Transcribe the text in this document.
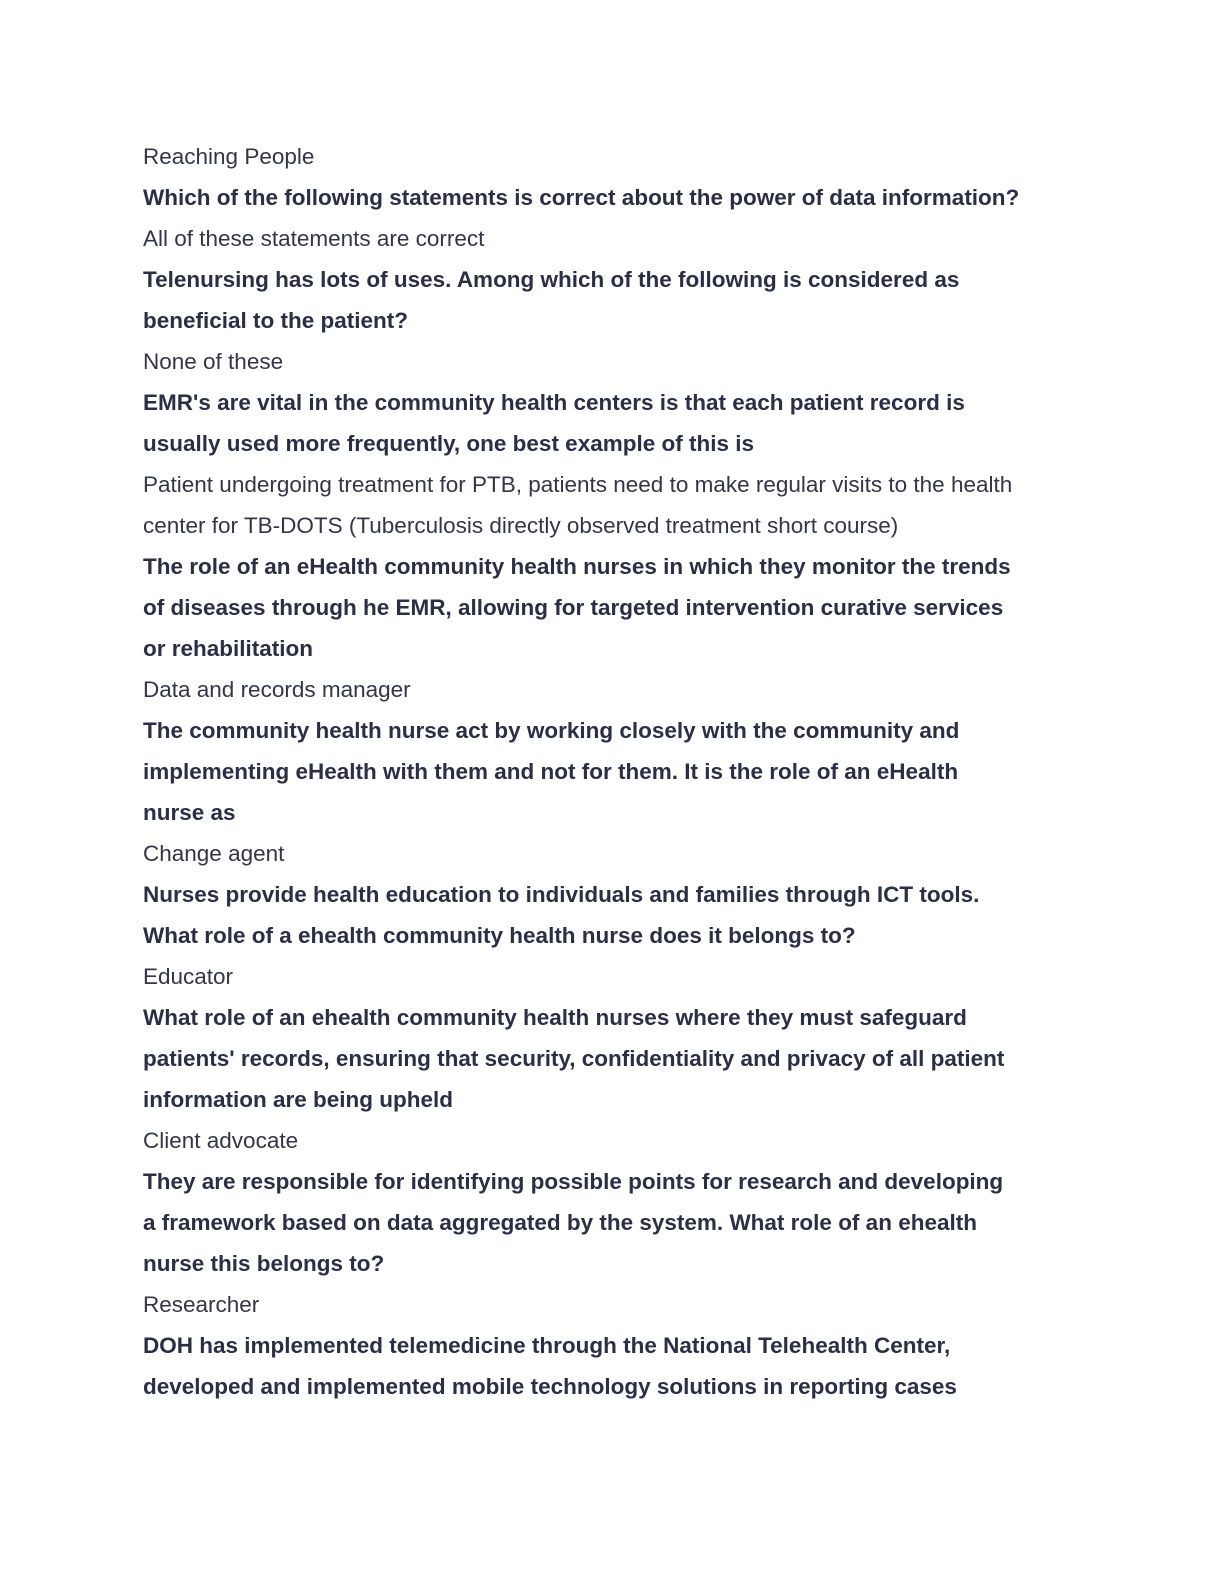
Reaching People

Which of the following statements is correct about the power of data information?

All of these statements are correct

Telenursing has lots of uses. Among which of the following is considered as

beneficial to the patient?

None of these

EMR's are vital in the community health centers is that each patient record is

usually used more frequently, one best example of this is

Patient undergoing treatment for PTB, patients need to make regular visits to the health

center for TB-DOTS (Tuberculosis directly observed treatment short course)

The role of an eHealth community health nurses in which they monitor the trends

of diseases through he EMR, allowing for targeted intervention curative services

or rehabilitation

Data and records manager

The community health nurse act by working closely with the community and

implementing eHealth with them and not for them. It is the role of an eHealth

nurse as

Change agent

Nurses provide health education to individuals and families through ICT tools.

What role of a ehealth community health nurse does it belongs to?

Educator

What role of an ehealth community health nurses where they must safeguard

patients' records, ensuring that security, confidentiality and privacy of all patient

information are being upheld

Client advocate

They are responsible for identifying possible points for research and developing

a framework based on data aggregated by the system. What role of an ehealth

nurse this belongs to?

Researcher

DOH has implemented telemedicine through the National Telehealth Center,

developed and implemented mobile technology solutions in reporting cases
